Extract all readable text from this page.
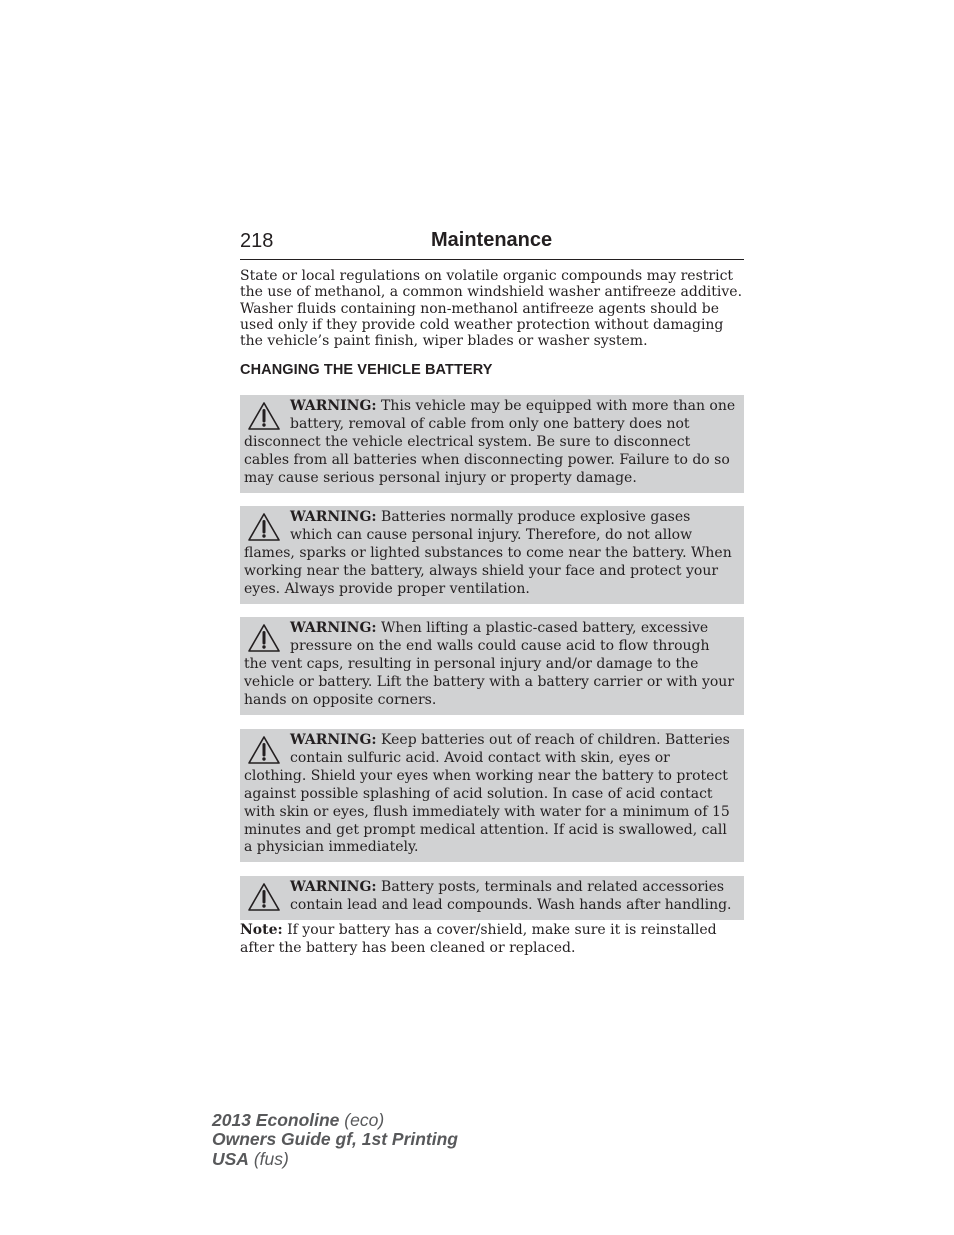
218	Maintenance
State or local regulations on volatile organic compounds may restrict the use of methanol, a common windshield washer antifreeze additive. Washer fluids containing non-methanol antifreeze agents should be used only if they provide cold weather protection without damaging the vehicle’s paint finish, wiper blades or washer system.
CHANGING THE VEHICLE BATTERY
WARNING: This vehicle may be equipped with more than one battery, removal of cable from only one battery does not disconnect the vehicle electrical system. Be sure to disconnect cables from all batteries when disconnecting power. Failure to do so may cause serious personal injury or property damage.
WARNING: Batteries normally produce explosive gases which can cause personal injury. Therefore, do not allow flames, sparks or lighted substances to come near the battery. When working near the battery, always shield your face and protect your eyes. Always provide proper ventilation.
WARNING: When lifting a plastic-cased battery, excessive pressure on the end walls could cause acid to flow through the vent caps, resulting in personal injury and/or damage to the vehicle or battery. Lift the battery with a battery carrier or with your hands on opposite corners.
WARNING: Keep batteries out of reach of children. Batteries contain sulfuric acid. Avoid contact with skin, eyes or clothing. Shield your eyes when working near the battery to protect against possible splashing of acid solution. In case of acid contact with skin or eyes, flush immediately with water for a minimum of 15 minutes and get prompt medical attention. If acid is swallowed, call a physician immediately.
WARNING: Battery posts, terminals and related accessories contain lead and lead compounds. Wash hands after handling.
Note: If your battery has a cover/shield, make sure it is reinstalled after the battery has been cleaned or replaced.
2013 Econoline (eco)
Owners Guide gf, 1st Printing
USA (fus)
